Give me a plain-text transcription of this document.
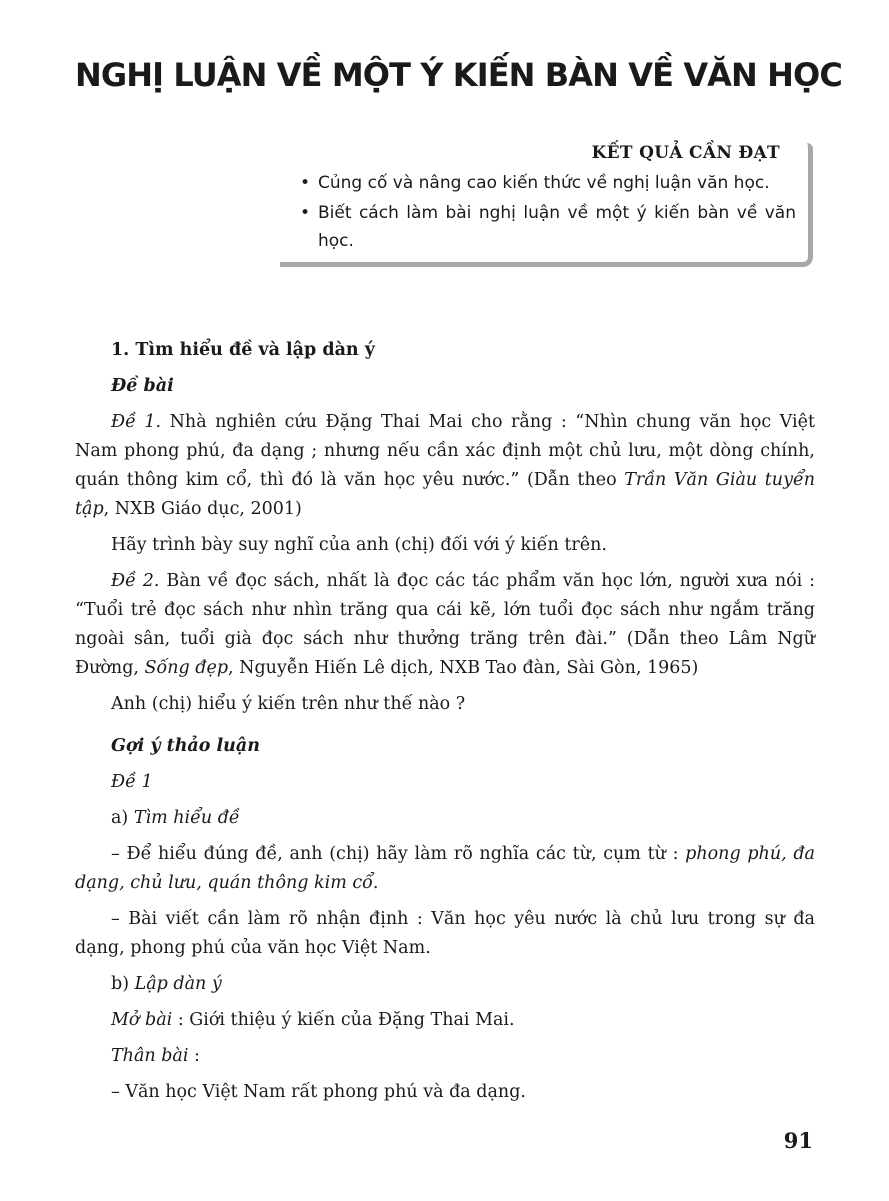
NGHỊ LUẬN VỀ MỘT Ý KIẾN BÀN VỀ VĂN HỌC
KẾT QUẢ CẦN ĐẠT
• Củng cố và nâng cao kiến thức về nghị luận văn học.
• Biết cách làm bài nghị luận về một ý kiến bàn về văn học.

1. Tìm hiểu đề và lập dàn ý

Đề bài

Đề 1. Nhà nghiên cứu Đặng Thai Mai cho rằng : “Nhìn chung văn học Việt Nam phong phú, đa dạng ; nhưng nếu cần xác định một chủ lưu, một dòng chính, quán thông kim cổ, thì đó là văn học yêu nước.” (Dẫn theo Trần Văn Giàu tuyển tập, NXB Giáo dục, 2001)

Hãy trình bày suy nghĩ của anh (chị) đối với ý kiến trên.

Đề 2. Bàn về đọc sách, nhất là đọc các tác phẩm văn học lớn, người xưa nói : “Tuổi trẻ đọc sách như nhìn trăng qua cái kẽ, lớn tuổi đọc sách như ngắm trăng ngoài sân, tuổi già đọc sách như thưởng trăng trên đài.” (Dẫn theo Lâm Ngữ Đường, Sống đẹp, Nguyễn Hiến Lê dịch, NXB Tao đàn, Sài Gòn, 1965)

Anh (chị) hiểu ý kiến trên như thế nào ?

Gợi ý thảo luận

Đề 1

a) Tìm hiểu đề

– Để hiểu đúng đề, anh (chị) hãy làm rõ nghĩa các từ, cụm từ : phong phú, đa dạng, chủ lưu, quán thông kim cổ.

– Bài viết cần làm rõ nhận định : Văn học yêu nước là chủ lưu trong sự đa dạng, phong phú của văn học Việt Nam.

b) Lập dàn ý

Mở bài : Giới thiệu ý kiến của Đặng Thai Mai.

Thân bài :

– Văn học Việt Nam rất phong phú và đa dạng.

91
